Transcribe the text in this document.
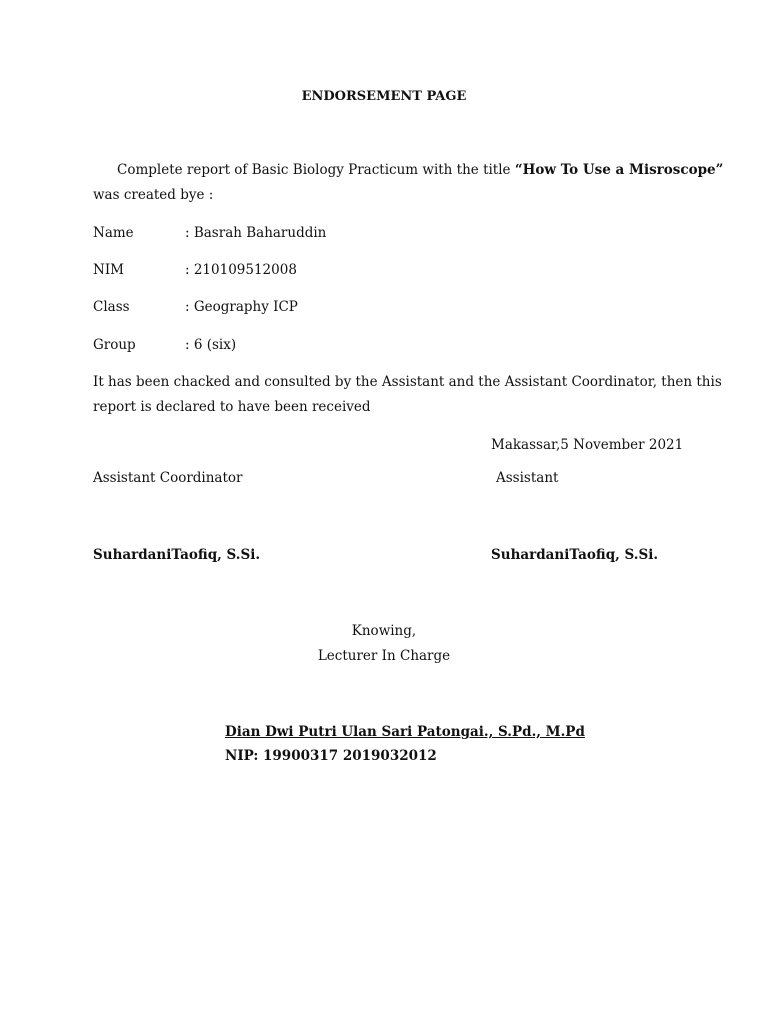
ENDORSEMENT PAGE
Complete report of Basic Biology Practicum with the title “How To Use a Misroscope”
was created bye :
Name	: Basrah Baharuddin
NIM	: 210109512008
Class	: Geography ICP
Group	: 6 (six)
It has been chacked and consulted by the Assistant and the Assistant Coordinator, then this
report is declared to have been received
Makassar,5 November 2021
Assistant Coordinator	Assistant
SuhardaniTaofiq, S.Si.	SuhardaniTaofiq, S.Si.
Knowing,
Lecturer In Charge
Dian Dwi Putri Ulan Sari Patongai., S.Pd., M.Pd
NIP: 19900317 2019032012
